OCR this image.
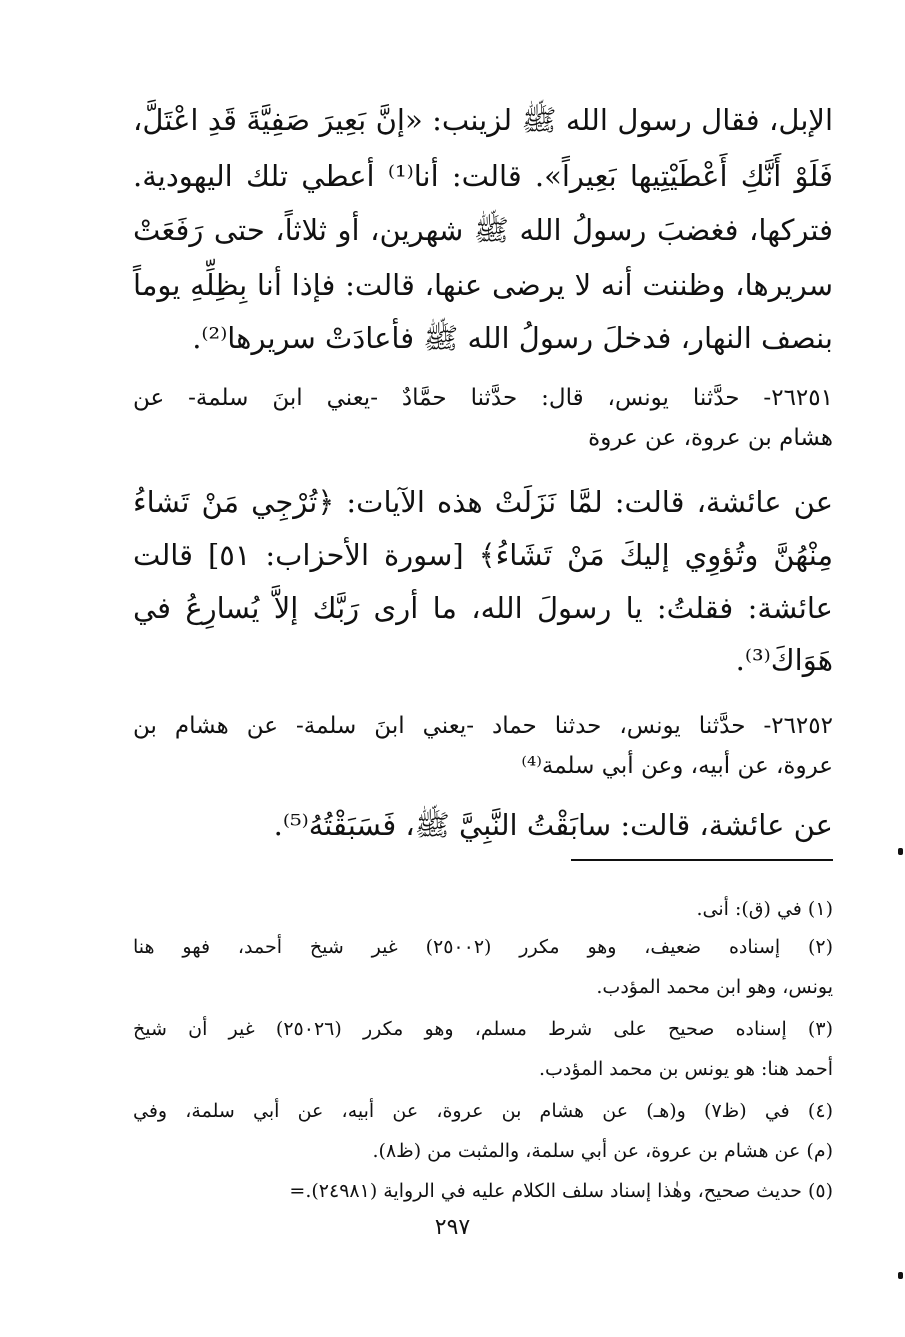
الإبل، فقال رسول الله ﷺ لزينب: «إنَّ بَعِيرَ صَفِيَّةَ قَدِ اعْتَلَّ،

فَلَوْ أَنَّكِ أَعْطَيْتِيها بَعِيراً». قالت: أنا⁽¹⁾ أعطي تلك اليهودية.

فتركها، فغضبَ رسولُ الله ﷺ شهرين، أو ثلاثاً، حتى رَفَعَتْ

سريرها، وظننت أنه لا يرضى عنها، قالت: فإذا أنا بِظِلِّهِ يوماً

بنصف النهار، فدخلَ رسولُ الله ﷺ فأعادَتْ سريرها⁽²⁾.

٢٦٢٥١- حدَّثنا يونس، قال: حدَّثنا حمَّادٌ -يعني ابنَ سلمة- عن

هشام بن عروة، عن عروة

عن عائشة، قالت: لمَّا نَزَلَتْ هذه الآيات: ﴿تُرْجِي مَنْ تَشاءُ

مِنْهُنَّ وتُؤوِي إليكَ مَنْ تَشَاءُ﴾ [سورة الأحزاب: ٥١] قالت

عائشة: فقلتُ: يا رسولَ الله، ما أرى رَبَّك إلاَّ يُسارِعُ في

هَوَاكَ⁽³⁾.

٢٦٢٥٢- حدَّثنا يونس، حدثنا حماد -يعني ابنَ سلمة- عن هشام بن

عروة، عن أبيه، وعن أبي سلمة⁽⁴⁾

عن عائشة، قالت: سابَقْتُ النَّبِيَّ ﷺ، فَسَبَقْتُهُ⁽⁵⁾.

(١) في (ق): أنى.

(٢) إسناده ضعيف، وهو مكرر (٢٥٠٠٢) غير شيخ أحمد، فهو هنا

يونس، وهو ابن محمد المؤدب.

(٣) إسناده صحيح على شرط مسلم، وهو مكرر (٢٥٠٢٦) غير أن شيخ

أحمد هنا: هو يونس بن محمد المؤدب.

(٤) في (ظ٧) و(هـ) عن هشام بن عروة، عن أبيه، عن أبي سلمة، وفي

(م) عن هشام بن عروة، عن أبي سلمة، والمثبت من (ظ٨).

(٥) حديث صحيح، وهٰذا إسناد سلف الكلام عليه في الرواية (٢٤٩٨١).=

٢٩٧
